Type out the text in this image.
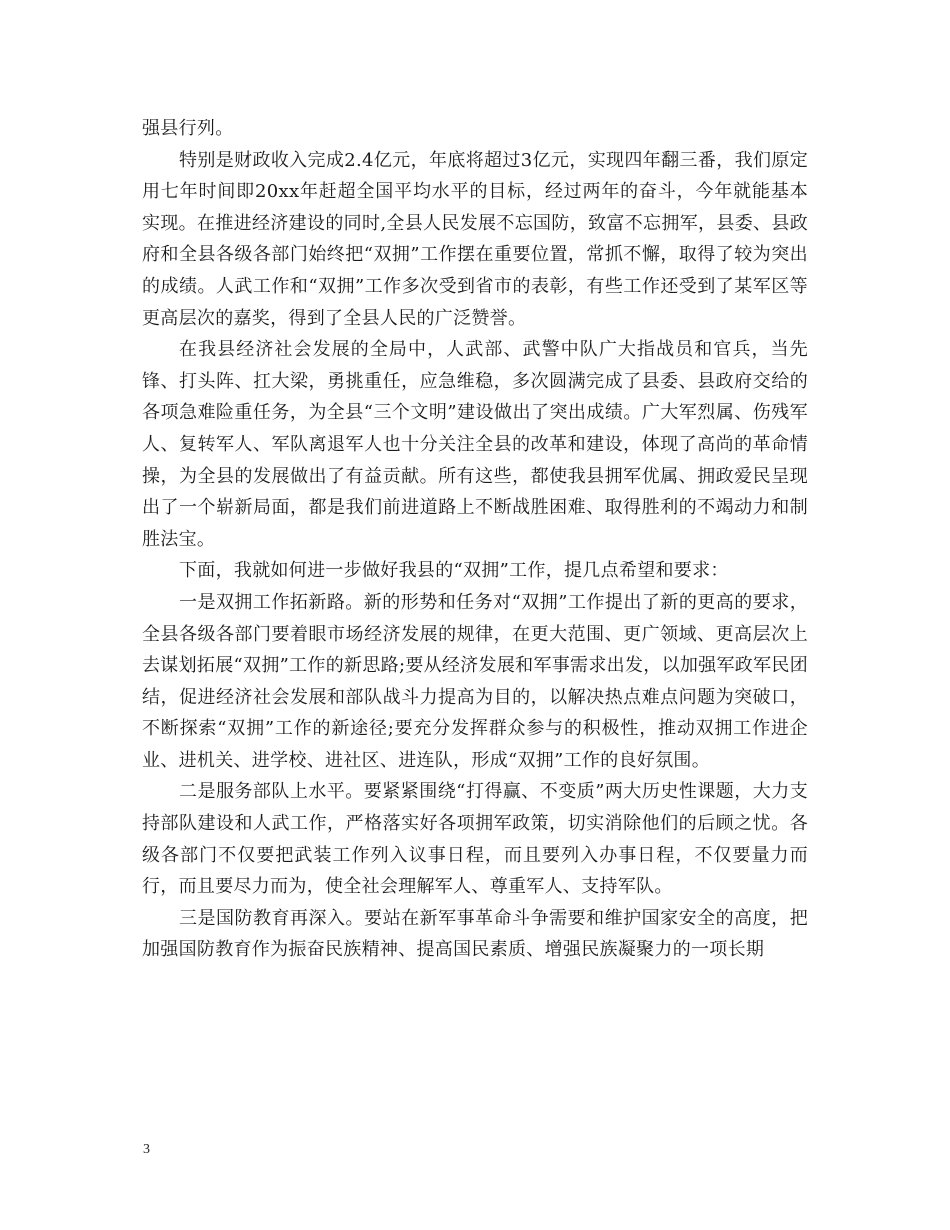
强县行列。

特别是财政收入完成2.4亿元，年底将超过3亿元，实现四年翻三番，我们原定用七年时间即20xx年赶超全国平均水平的目标，经过两年的奋斗，今年就能基本实现。在推进经济建设的同时,全县人民发展不忘国防，致富不忘拥军，县委、县政府和全县各级各部门始终把“双拥”工作摆在重要位置，常抓不懈，取得了较为突出的成绩。人武工作和“双拥”工作多次受到省市的表彰，有些工作还受到了某军区等更高层次的嘉奖，得到了全县人民的广泛赞誉。

在我县经济社会发展的全局中，人武部、武警中队广大指战员和官兵，当先锋、打头阵、扛大梁，勇挑重任，应急维稳，多次圆满完成了县委、县政府交给的各项急难险重任务，为全县“三个文明”建设做出了突出成绩。广大军烈属、伤残军人、复转军人、军队离退军人也十分关注全县的改革和建设，体现了高尚的革命情操，为全县的发展做出了有益贡献。所有这些，都使我县拥军优属、拥政爱民呈现出了一个崭新局面，都是我们前进道路上不断战胜困难、取得胜利的不竭动力和制胜法宝。

下面，我就如何进一步做好我县的“双拥”工作，提几点希望和要求：

一是双拥工作拓新路。新的形势和任务对“双拥”工作提出了新的更高的要求，全县各级各部门要着眼市场经济发展的规律，在更大范围、更广领域、更高层次上去谋划拓展“双拥”工作的新思路;要从经济发展和军事需求出发，以加强军政军民团结，促进经济社会发展和部队战斗力提高为目的，以解决热点难点问题为突破口，不断探索“双拥”工作的新途径;要充分发挥群众参与的积极性，推动双拥工作进企业、进机关、进学校、进社区、进连队，形成“双拥”工作的良好氛围。

二是服务部队上水平。要紧紧围绕“打得赢、不变质”两大历史性课题，大力支持部队建设和人武工作，严格落实好各项拥军政策，切实消除他们的后顾之忧。各级各部门不仅要把武装工作列入议事日程，而且要列入办事日程，不仅要量力而行，而且要尽力而为，使全社会理解军人、尊重军人、支持军队。

三是国防教育再深入。要站在新军事革命斗争需要和维护国家安全的高度，把加强国防教育作为振奋民族精神、提高国民素质、增强民族凝聚力的一项长期

3
